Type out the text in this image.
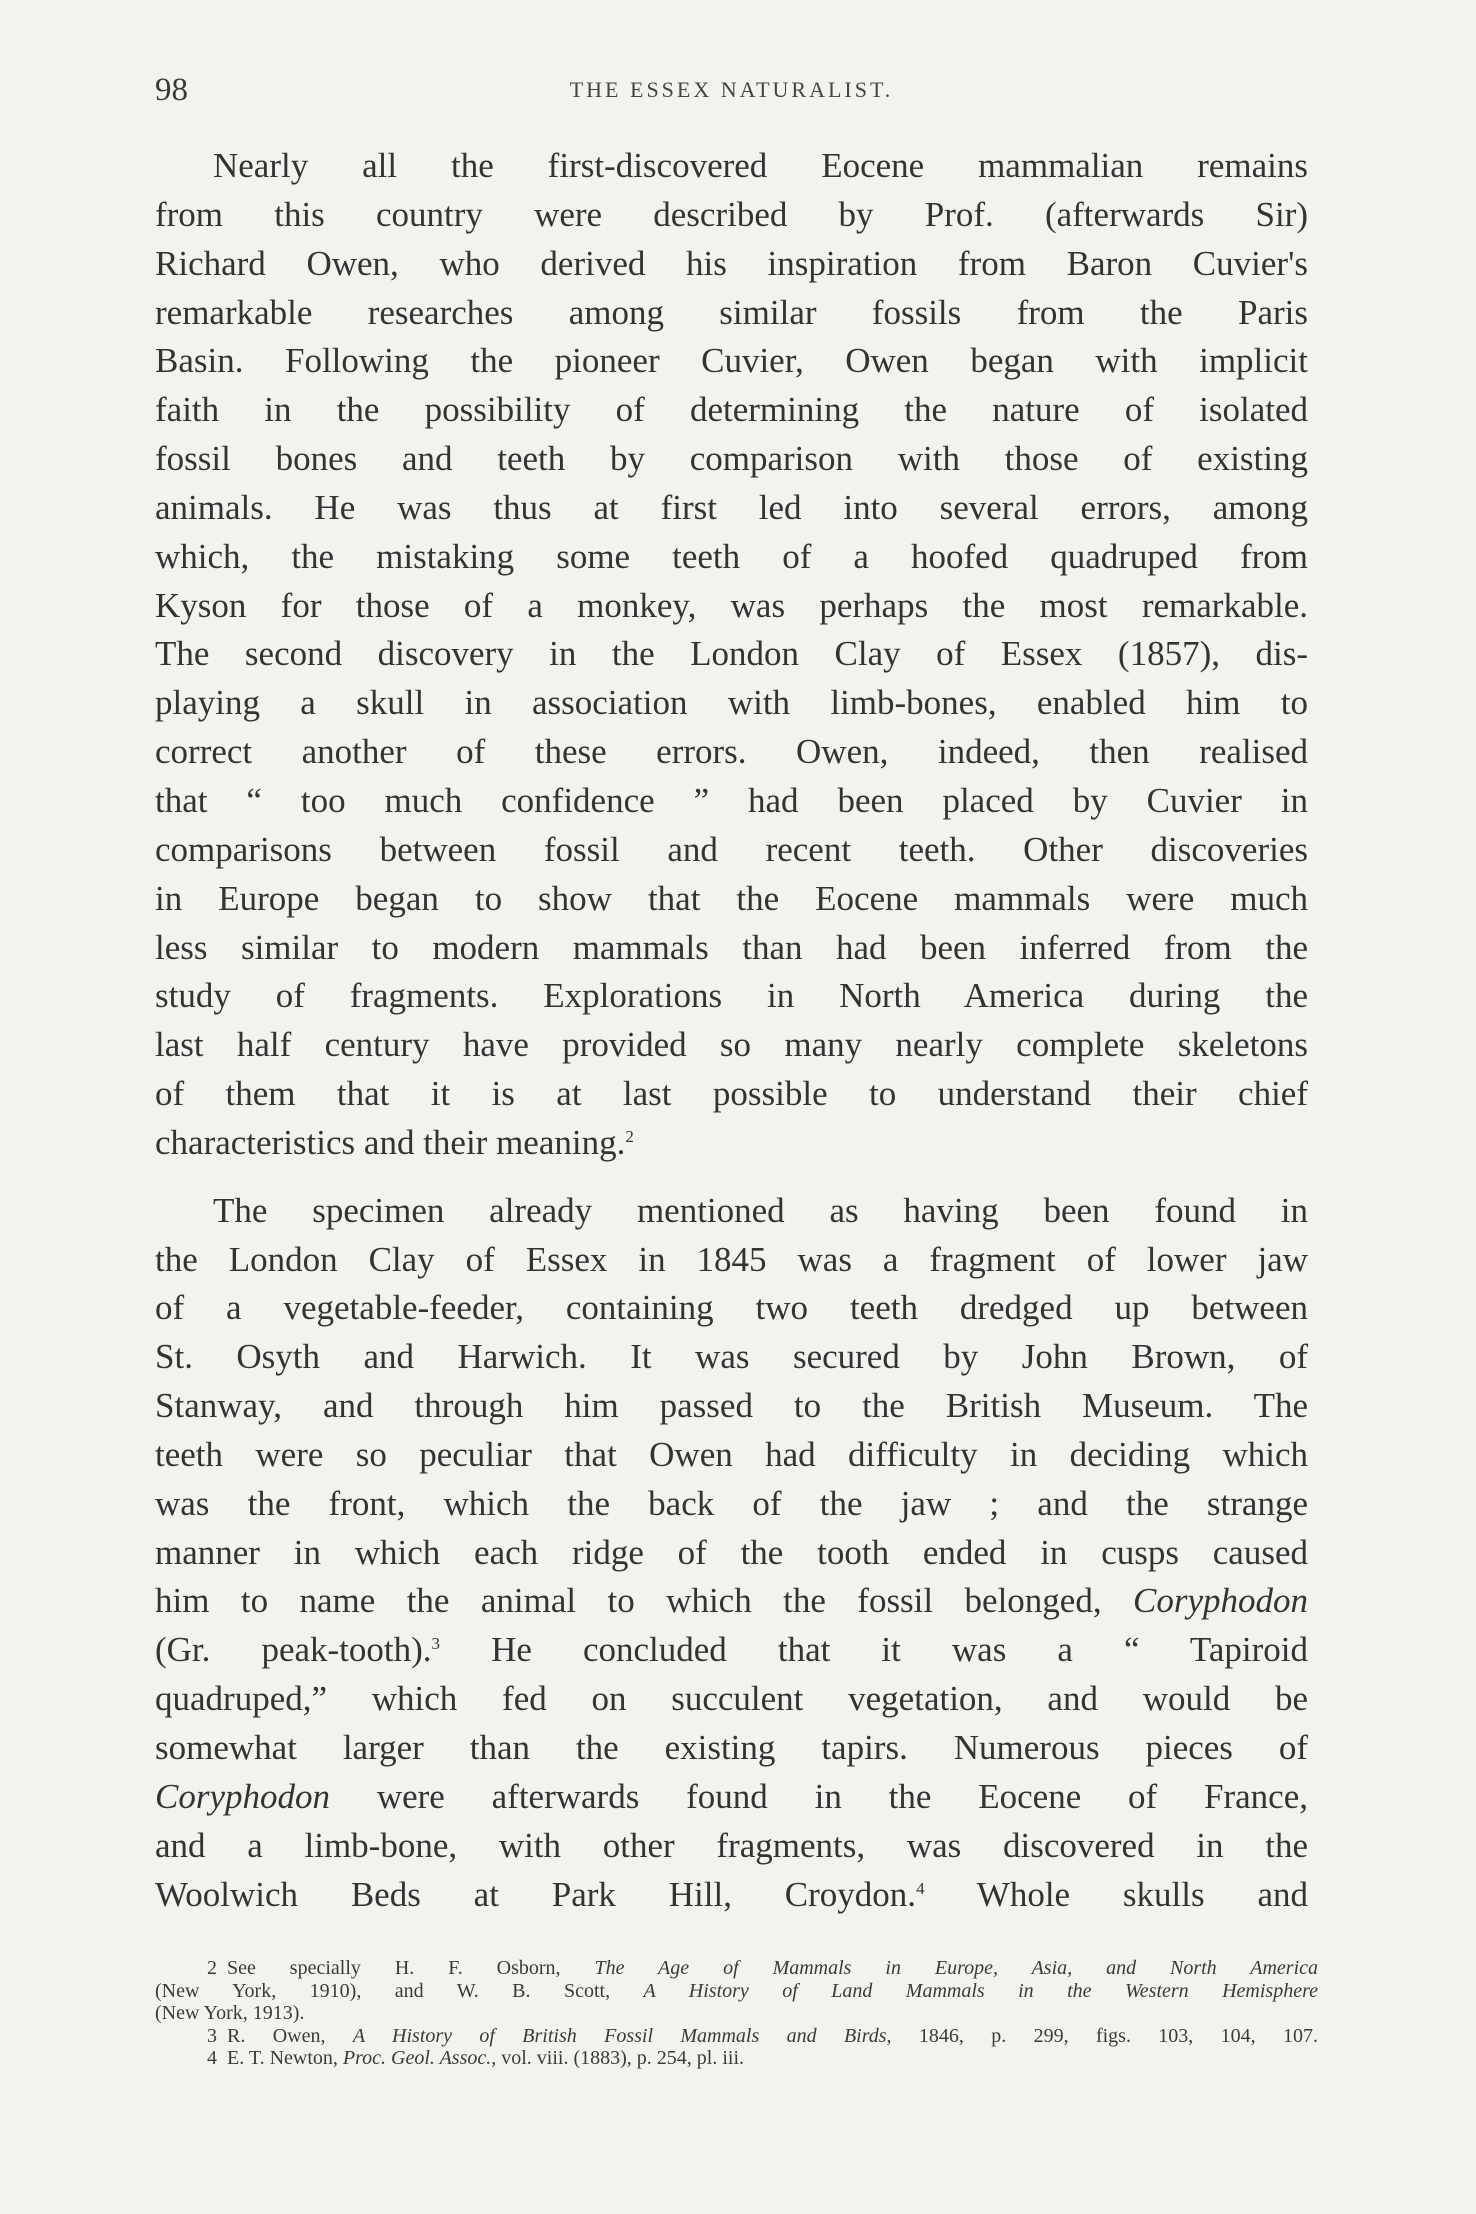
98	THE ESSEX NATURALIST.
Nearly all the first-discovered Eocene mammalian remains
from this country were described by Prof. (afterwards Sir)
Richard Owen, who derived his inspiration from Baron Cuvier's
remarkable researches among similar fossils from the Paris
Basin. Following the pioneer Cuvier, Owen began with implicit
faith in the possibility of determining the nature of isolated
fossil bones and teeth by comparison with those of existing
animals. He was thus at first led into several errors, among
which, the mistaking some teeth of a hoofed quadruped from
Kyson for those of a monkey, was perhaps the most remarkable.
The second discovery in the London Clay of Essex (1857), dis-
playing a skull in association with limb-bones, enabled him to
correct another of these errors. Owen, indeed, then realised
that “ too much confidence ” had been placed by Cuvier in
comparisons between fossil and recent teeth. Other discoveries
in Europe began to show that the Eocene mammals were much
less similar to modern mammals than had been inferred from the
study of fragments. Explorations in North America during the
last half century have provided so many nearly complete skeletons
of them that it is at last possible to understand their chief
characteristics and their meaning.$^2$
The specimen already mentioned as having been found in
the London Clay of Essex in 1845 was a fragment of lower jaw
of a vegetable-feeder, containing two teeth dredged up between
St. Osyth and Harwich. It was secured by John Brown, of
Stanway, and through him passed to the British Museum. The
teeth were so peculiar that Owen had difficulty in deciding which
was the front, which the back of the jaw ; and the strange
manner in which each ridge of the tooth ended in cusps caused
him to name the animal to which the fossil belonged, Coryphodon
(Gr. peak-tooth).$^3$ He concluded that it was a “ Tapiroid
quadruped,” which fed on succulent vegetation, and would be
somewhat larger than the existing tapirs. Numerous pieces of
Coryphodon were afterwards found in the Eocene of France,
and a limb-bone, with other fragments, was discovered in the
Woolwich Beds at Park Hill, Croydon.$^4$ Whole skulls and
2 See specially H. F. Osborn, The Age of Mammals in Europe, Asia, and North America
(New York, 1910), and W. B. Scott, A History of Land Mammals in the Western Hemisphere
(New York, 1913).
3 R. Owen, A History of British Fossil Mammals and Birds, 1846, p. 299, figs. 103, 104, 107.
4 E. T. Newton, Proc. Geol. Assoc., vol. viii. (1883), p. 254, pl. iii.
